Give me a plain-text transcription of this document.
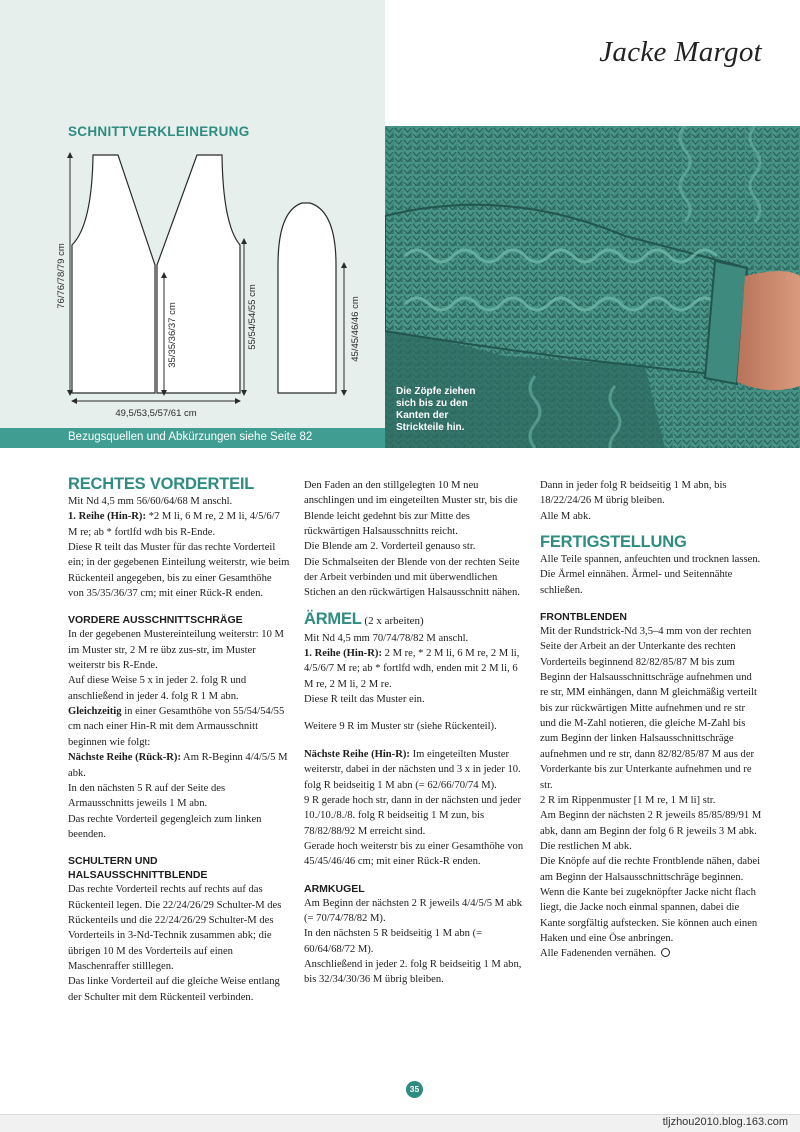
Jacke Margot
SCHNITTVERKLEINERUNG
76/76/78/79 cm
35/35/36/37 cm	55/54/54/55 cm	45/45/46/46 cm
49,5/53,5/57/61 cm
Die Zöpfe ziehen sich bis zu den Kanten der Strickteile hin.
Bezugsquellen und Abkürzungen siehe Seite 82
RECHTES VORDERTEIL

Mit Nd 4,5 mm 56/60/64/68 M anschl.

1. Reihe (Hin-R): *2 M li, 6 M re, 2 M li, 4/5/6/7 M re; ab * fortlfd wdh bis R-Ende.

Diese R teilt das Muster für das rechte Vorderteil ein; in der gegebenen Einteilung weiterstr, wie beim Rückenteil angegeben, bis zu einer Gesamthöhe von 35/35/36/37 cm; mit einer Rück-R enden.

VORDERE AUSSCHNITTSCHRÄGE

In der gegebenen Mustereinteilung weiterstr: 10 M im Muster str, 2 M re übz zus-str, im Muster weiterstr bis R-Ende.

Auf diese Weise 5 x in jeder 2. folg R und anschließend in jeder 4. folg R 1 M abn.

Gleichzeitig in einer Gesamthöhe von 55/54/54/55 cm nach einer Hin-R mit dem Armausschnitt beginnen wie folgt:

Nächste Reihe (Rück-R): Am R-Beginn 4/4/5/5 M abk.

In den nächsten 5 R auf der Seite des Armausschnitts jeweils 1 M abn.

Das rechte Vorderteil gegengleich zum linken beenden.

SCHULTERN UND HALSAUSSCHNITTBLENDE

Das rechte Vorderteil rechts auf rechts auf das Rückenteil legen. Die 22/24/26/29 Schulter-M des Rückenteils und die 22/24/26/29 Schulter-M des Vorderteils in 3-Nd-Technik zusammen abk; die übrigen 10 M des Vorderteils auf einen Maschenraffer stilllegen.

Das linke Vorderteil auf die gleiche Weise entlang der Schulter mit dem Rückenteil verbinden.

Den Faden an den stillgelegten 10 M neu anschlingen und im eingeteilten Muster str, bis die Blende leicht gedehnt bis zur Mitte des rückwärtigen Halsausschnitts reicht.

Die Blende am 2. Vorderteil genauso str.

Die Schmalseiten der Blende von der rechten Seite der Arbeit verbinden und mit überwendlichen Stichen an den rückwärtigen Halsausschnitt nähen.

ÄRMEL (2 x arbeiten)

Mit Nd 4,5 mm 70/74/78/82 M anschl.

1. Reihe (Hin-R): 2 M re, * 2 M li, 6 M re, 2 M li, 4/5/6/7 M re; ab * fortlfd wdh, enden mit 2 M li, 6 M re, 2 M li, 2 M re.

Diese R teilt das Muster ein.

Weitere 9 R im Muster str (siehe Rückenteil).

Nächste Reihe (Hin-R): Im eingeteilten Muster weiterstr, dabei in der nächsten und 3 x in jeder 10. folg R beidseitig 1 M abn (= 62/66/70/74 M).

9 R gerade hoch str, dann in der nächsten und jeder 10./10./8./8. folg R beidseitig 1 M zun, bis 78/82/88/92 M erreicht sind.

Gerade hoch weiterstr bis zu einer Gesamthöhe von 45/45/46/46 cm; mit einer Rück-R enden.

ARMKUGEL

Am Beginn der nächsten 2 R jeweils 4/4/5/5 M abk (= 70/74/78/82 M).

In den nächsten 5 R beidseitig 1 M abn (= 60/64/68/72 M).

Anschließend in jeder 2. folg R beidseitig 1 M abn, bis 32/34/30/36 M übrig bleiben.

Dann in jeder folg R beidseitig 1 M abn, bis 18/22/24/26 M übrig bleiben.

Alle M abk.

FERTIGSTELLUNG

Alle Teile spannen, anfeuchten und trocknen lassen.

Die Ärmel einnähen. Ärmel- und Seitennähte schließen.

FRONTBLENDEN

Mit der Rundstrick-Nd 3,5–4 mm von der rechten Seite der Arbeit an der Unterkante des rechten Vorderteils beginnend 82/82/85/87 M bis zum Beginn der Halsausschnittschräge aufnehmen und re str, MM einhängen, dann M gleichmäßig verteilt bis zur rückwärtigen Mitte aufnehmen und re str und die M-Zahl notieren, die gleiche M-Zahl bis zum Beginn der linken Halsausschnittschräge aufnehmen und re str, dann 82/82/85/87 M aus der Vorderkante bis zur Unterkante aufnehmen und re str.

2 R im Rippenmuster [1 M re, 1 M li] str.

Am Beginn der nächsten 2 R jeweils 85/85/89/91 M abk, dann am Beginn der folg 6 R jeweils 3 M abk.

Die restlichen M abk.

Die Knöpfe auf die rechte Frontblende nähen, dabei am Beginn der Halsausschnittschräge beginnen.

Wenn die Kante bei zugeknöpfter Jacke nicht flach liegt, die Jacke noch einmal spannen, dabei die Kante sorgfältig aufstecken. Sie können auch einen Haken und eine Öse anbringen.

Alle Fadenenden vernähen.

35
tljzhou2010.blog.163.com
